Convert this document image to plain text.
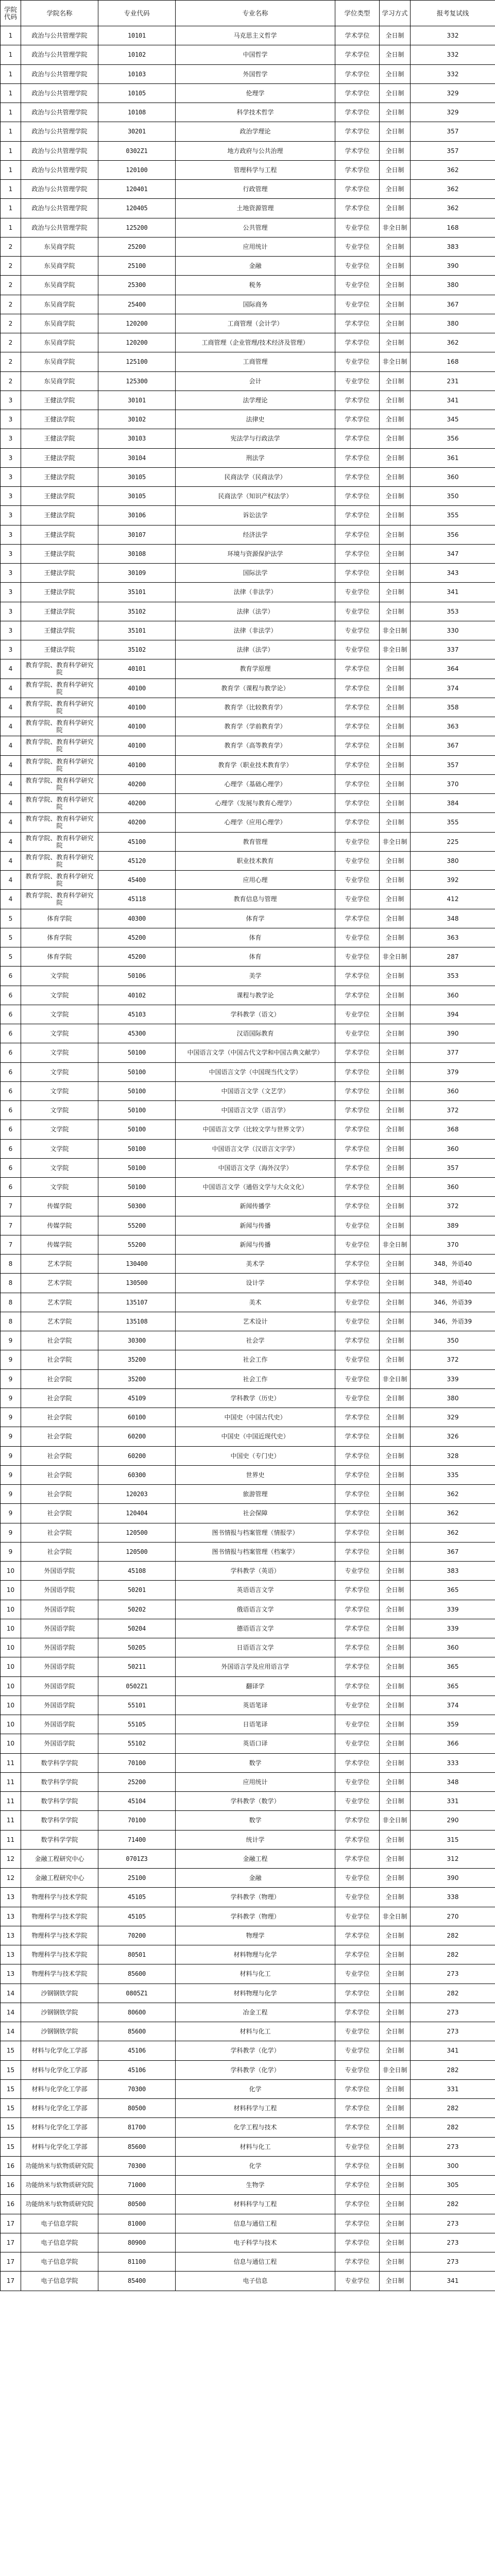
学院代码	学院名称	专业代码	专业名称	学位类型	学习方式	报考复试线
1	政治与公共管理学院	10101	马克思主义哲学	学术学位	全日制	332
1	政治与公共管理学院	10102	中国哲学	学术学位	全日制	332
1	政治与公共管理学院	10103	外国哲学	学术学位	全日制	332
1	政治与公共管理学院	10105	伦理学	学术学位	全日制	329
1	政治与公共管理学院	10108	科学技术哲学	学术学位	全日制	329
1	政治与公共管理学院	30201	政治学理论	学术学位	全日制	357
1	政治与公共管理学院	0302Z1	地方政府与公共治理	学术学位	全日制	357
1	政治与公共管理学院	120100	管理科学与工程	学术学位	全日制	362
1	政治与公共管理学院	120401	行政管理	学术学位	全日制	362
1	政治与公共管理学院	120405	土地资源管理	学术学位	全日制	362
1	政治与公共管理学院	125200	公共管理	专业学位	非全日制	168
2	东吴商学院	25200	应用统计	专业学位	全日制	383
2	东吴商学院	25100	金融	专业学位	全日制	390
2	东吴商学院	25300	税务	专业学位	全日制	380
2	东吴商学院	25400	国际商务	专业学位	全日制	367
2	东吴商学院	120200	工商管理（会计学）	学术学位	全日制	380
2	东吴商学院	120200	工商管理（企业管理/技术经济及管理）	学术学位	全日制	362
2	东吴商学院	125100	工商管理	专业学位	非全日制	168
2	东吴商学院	125300	会计	专业学位	全日制	231
3	王健法学院	30101	法学理论	学术学位	全日制	341
3	王健法学院	30102	法律史	学术学位	全日制	345
3	王健法学院	30103	宪法学与行政法学	学术学位	全日制	356
3	王健法学院	30104	刑法学	学术学位	全日制	361
3	王健法学院	30105	民商法学（民商法学）	学术学位	全日制	360
3	王健法学院	30105	民商法学（知识产权法学）	学术学位	全日制	350
3	王健法学院	30106	诉讼法学	学术学位	全日制	355
3	王健法学院	30107	经济法学	学术学位	全日制	356
3	王健法学院	30108	环境与资源保护法学	学术学位	全日制	347
3	王健法学院	30109	国际法学	学术学位	全日制	343
3	王健法学院	35101	法律（非法学）	专业学位	全日制	341
3	王健法学院	35102	法律（法学）	专业学位	全日制	353
3	王健法学院	35101	法律（非法学）	专业学位	非全日制	330
3	王健法学院	35102	法律（法学）	专业学位	非全日制	337
4	教育学院、教育科学研究院	40101	教育学原理	学术学位	全日制	364
4	教育学院、教育科学研究院	40100	教育学（课程与教学论）	学术学位	全日制	374
4	教育学院、教育科学研究院	40100	教育学（比较教育学）	学术学位	全日制	358
4	教育学院、教育科学研究院	40100	教育学（学前教育学）	学术学位	全日制	363
4	教育学院、教育科学研究院	40100	教育学（高等教育学）	学术学位	全日制	367
4	教育学院、教育科学研究院	40100	教育学（职业技术教育学）	学术学位	全日制	357
4	教育学院、教育科学研究院	40200	心理学（基础心理学）	学术学位	全日制	370
4	教育学院、教育科学研究院	40200	心理学（发展与教育心理学）	学术学位	全日制	384
4	教育学院、教育科学研究院	40200	心理学（应用心理学）	学术学位	全日制	355
4	教育学院、教育科学研究院	45100	教育管理	专业学位	非全日制	225
4	教育学院、教育科学研究院	45120	职业技术教育	专业学位	全日制	380
4	教育学院、教育科学研究院	45400	应用心理	专业学位	全日制	392
4	教育学院、教育科学研究院	45118	教育信息与管理	专业学位	全日制	412
5	体育学院	40300	体育学	学术学位	全日制	348
5	体育学院	45200	体育	专业学位	全日制	363
5	体育学院	45200	体育	专业学位	非全日制	287
6	文学院	50106	美学	学术学位	全日制	353
6	文学院	40102	课程与教学论	学术学位	全日制	360
6	文学院	45103	学科教学（语文）	专业学位	全日制	394
6	文学院	45300	汉语国际教育	专业学位	全日制	390
6	文学院	50100	中国语言文学（中国古代文学和中国古典文献学）	学术学位	全日制	377
6	文学院	50100	中国语言文学（中国现当代文学）	学术学位	全日制	379
6	文学院	50100	中国语言文学（文艺学）	学术学位	全日制	360
6	文学院	50100	中国语言文学（语言学）	学术学位	全日制	372
6	文学院	50100	中国语言文学（比较文学与世界文学）	学术学位	全日制	368
6	文学院	50100	中国语言文学（汉语言文字学）	学术学位	全日制	360
6	文学院	50100	中国语言文学（海外汉学）	学术学位	全日制	357
6	文学院	50100	中国语言文学（通俗文学与大众文化）	学术学位	全日制	360
7	传媒学院	50300	新闻传播学	学术学位	全日制	372
7	传媒学院	55200	新闻与传播	专业学位	全日制	389
7	传媒学院	55200	新闻与传播	专业学位	非全日制	370
8	艺术学院	130400	美术学	学术学位	全日制	348，外语40
8	艺术学院	130500	设计学	学术学位	全日制	348，外语40
8	艺术学院	135107	美术	专业学位	全日制	346，外语39
8	艺术学院	135108	艺术设计	专业学位	全日制	346，外语39
9	社会学院	30300	社会学	学术学位	全日制	350
9	社会学院	35200	社会工作	专业学位	全日制	372
9	社会学院	35200	社会工作	专业学位	非全日制	339
9	社会学院	45109	学科教学（历史）	专业学位	全日制	380
9	社会学院	60100	中国史（中国古代史）	学术学位	全日制	329
9	社会学院	60200	中国史（中国近现代史）	学术学位	全日制	326
9	社会学院	60200	中国史（专门史）	学术学位	全日制	328
9	社会学院	60300	世界史	学术学位	全日制	335
9	社会学院	120203	旅游管理	学术学位	全日制	362
9	社会学院	120404	社会保障	学术学位	全日制	362
9	社会学院	120500	图书情报与档案管理（情报学）	学术学位	全日制	362
9	社会学院	120500	图书情报与档案管理（档案学）	学术学位	全日制	367
10	外国语学院	45108	学科教学（英语）	专业学位	全日制	383
10	外国语学院	50201	英语语言文学	学术学位	全日制	365
10	外国语学院	50202	俄语语言文学	学术学位	全日制	339
10	外国语学院	50204	德语语言文学	学术学位	全日制	339
10	外国语学院	50205	日语语言文学	学术学位	全日制	360
10	外国语学院	50211	外国语言学及应用语言学	学术学位	全日制	365
10	外国语学院	0502Z1	翻译学	学术学位	全日制	365
10	外国语学院	55101	英语笔译	专业学位	全日制	374
10	外国语学院	55105	日语笔译	专业学位	全日制	359
10	外国语学院	55102	英语口译	专业学位	全日制	366
11	数学科学学院	70100	数学	学术学位	全日制	333
11	数学科学学院	25200	应用统计	专业学位	全日制	348
11	数学科学学院	45104	学科教学（数学）	专业学位	全日制	331
11	数学科学学院	70100	数学	学术学位	非全日制	290
11	数学科学学院	71400	统计学	学术学位	全日制	315
12	金融工程研究中心	0701Z3	金融工程	学术学位	全日制	312
12	金融工程研究中心	25100	金融	专业学位	全日制	390
13	物理科学与技术学院	45105	学科教学（物理）	专业学位	全日制	338
13	物理科学与技术学院	45105	学科教学（物理）	专业学位	非全日制	270
13	物理科学与技术学院	70200	物理学	学术学位	全日制	282
13	物理科学与技术学院	80501	材料物理与化学	学术学位	全日制	282
13	物理科学与技术学院	85600	材料与化工	专业学位	全日制	273
14	沙钢钢铁学院	0805Z1	材料物理与化学	学术学位	全日制	282
14	沙钢钢铁学院	80600	冶金工程	学术学位	全日制	273
14	沙钢钢铁学院	85600	材料与化工	专业学位	全日制	273
15	材料与化学化工学部	45106	学科教学（化学）	专业学位	全日制	341
15	材料与化学化工学部	45106	学科教学（化学）	专业学位	非全日制	282
15	材料与化学化工学部	70300	化学	学术学位	全日制	331
15	材料与化学化工学部	80500	材料科学与工程	学术学位	全日制	282
15	材料与化学化工学部	81700	化学工程与技术	学术学位	全日制	282
15	材料与化学化工学部	85600	材料与化工	专业学位	全日制	273
16	功能纳米与软物质研究院	70300	化学	学术学位	全日制	300
16	功能纳米与软物质研究院	71000	生物学	学术学位	全日制	305
16	功能纳米与软物质研究院	80500	材料科学与工程	学术学位	全日制	282
17	电子信息学院	81000	信息与通信工程	学术学位	全日制	273
17	电子信息学院	80900	电子科学与技术	学术学位	全日制	273
17	电子信息学院	81100	信息与通信工程	学术学位	全日制	273
17	电子信息学院	85400	电子信息	专业学位	全日制	341
